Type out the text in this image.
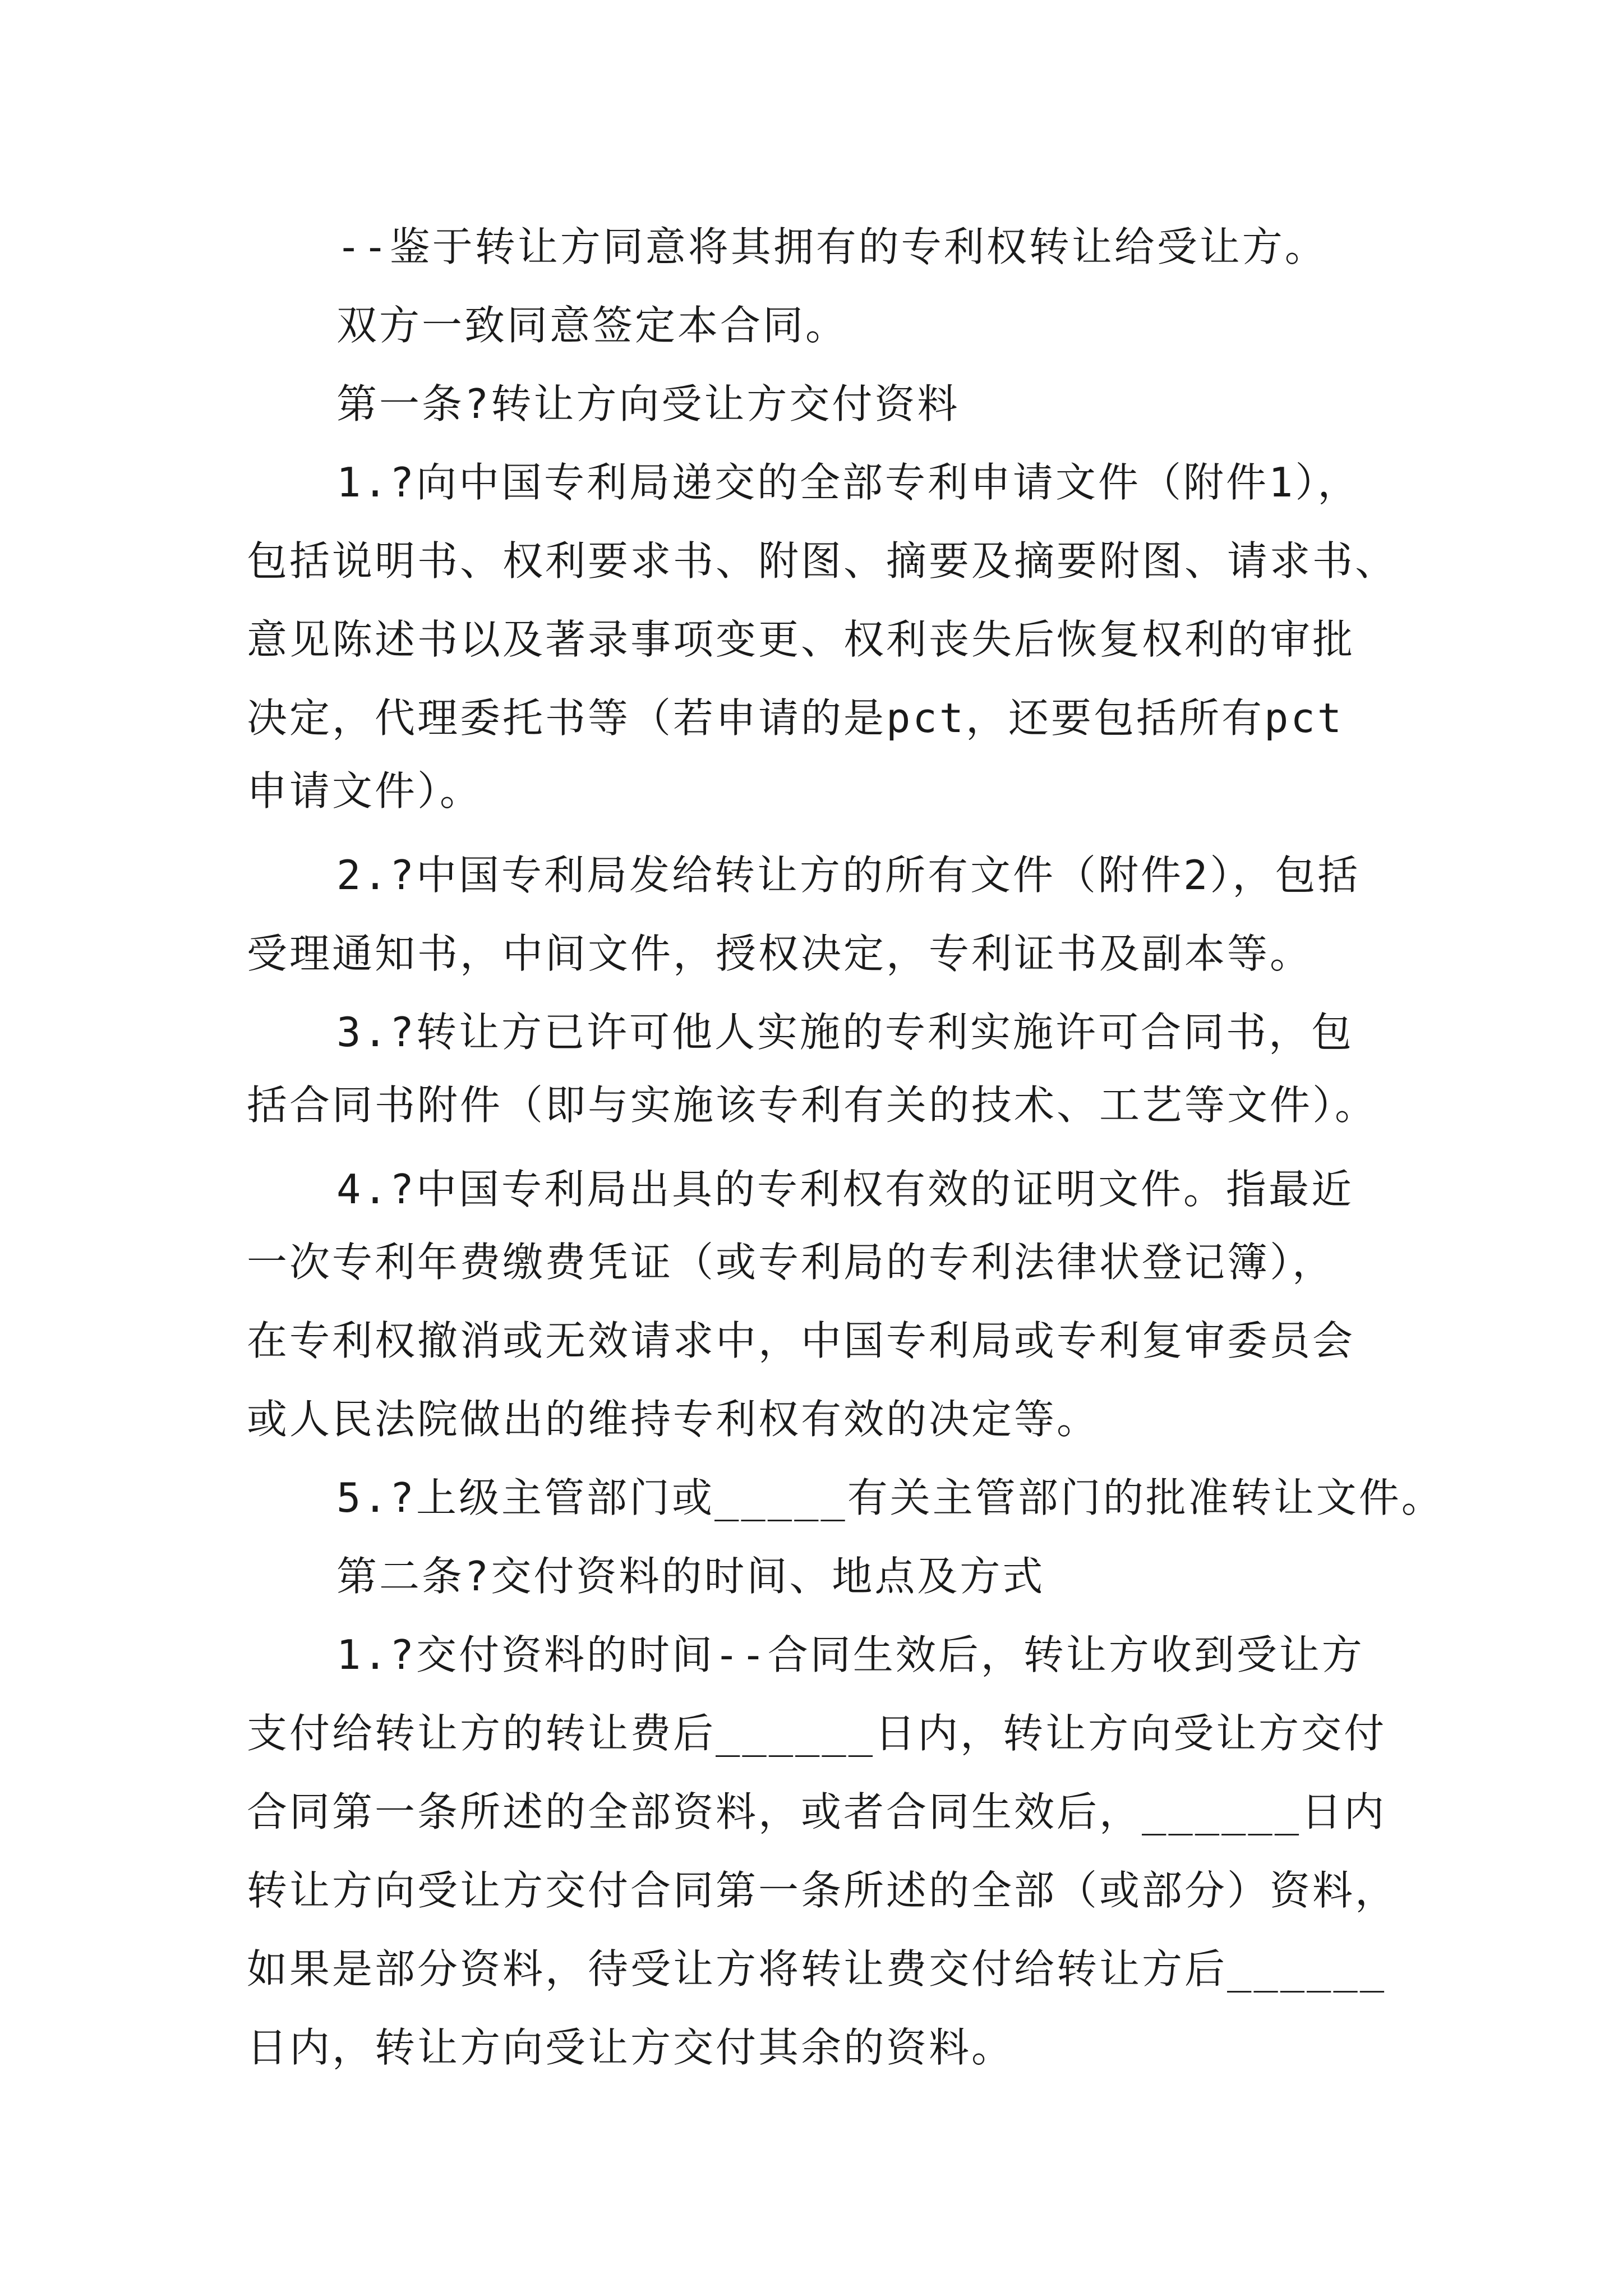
--鉴于转让方同意将其拥有的专利权转让给受让方。
双方一致同意签定本合同。
第一条?转让方向受让方交付资料
1.?向中国专利局递交的全部专利申请文件（附件1），
包括说明书、权利要求书、附图、摘要及摘要附图、请求书、
意见陈述书以及著录事项变更、权利丧失后恢复权利的审批
决定，代理委托书等（若申请的是pct，还要包括所有pct
申请文件）。
2.?中国专利局发给转让方的所有文件（附件2），包括
受理通知书，中间文件，授权决定，专利证书及副本等。
3.?转让方已许可他人实施的专利实施许可合同书，包
括合同书附件（即与实施该专利有关的技术、工艺等文件）。
4.?中国专利局出具的专利权有效的证明文件。指最近
一次专利年费缴费凭证（或专利局的专利法律状登记簿），
在专利权撤消或无效请求中，中国专利局或专利复审委员会
或人民法院做出的维持专利权有效的决定等。
5.?上级主管部门或_____有关主管部门的批准转让文件。
第二条?交付资料的时间、地点及方式
1.?交付资料的时间--合同生效后，转让方收到受让方
支付给转让方的转让费后______日内，转让方向受让方交付
合同第一条所述的全部资料，或者合同生效后，______日内
转让方向受让方交付合同第一条所述的全部（或部分）资料，
如果是部分资料，待受让方将转让费交付给转让方后______
日内，转让方向受让方交付其余的资料。
